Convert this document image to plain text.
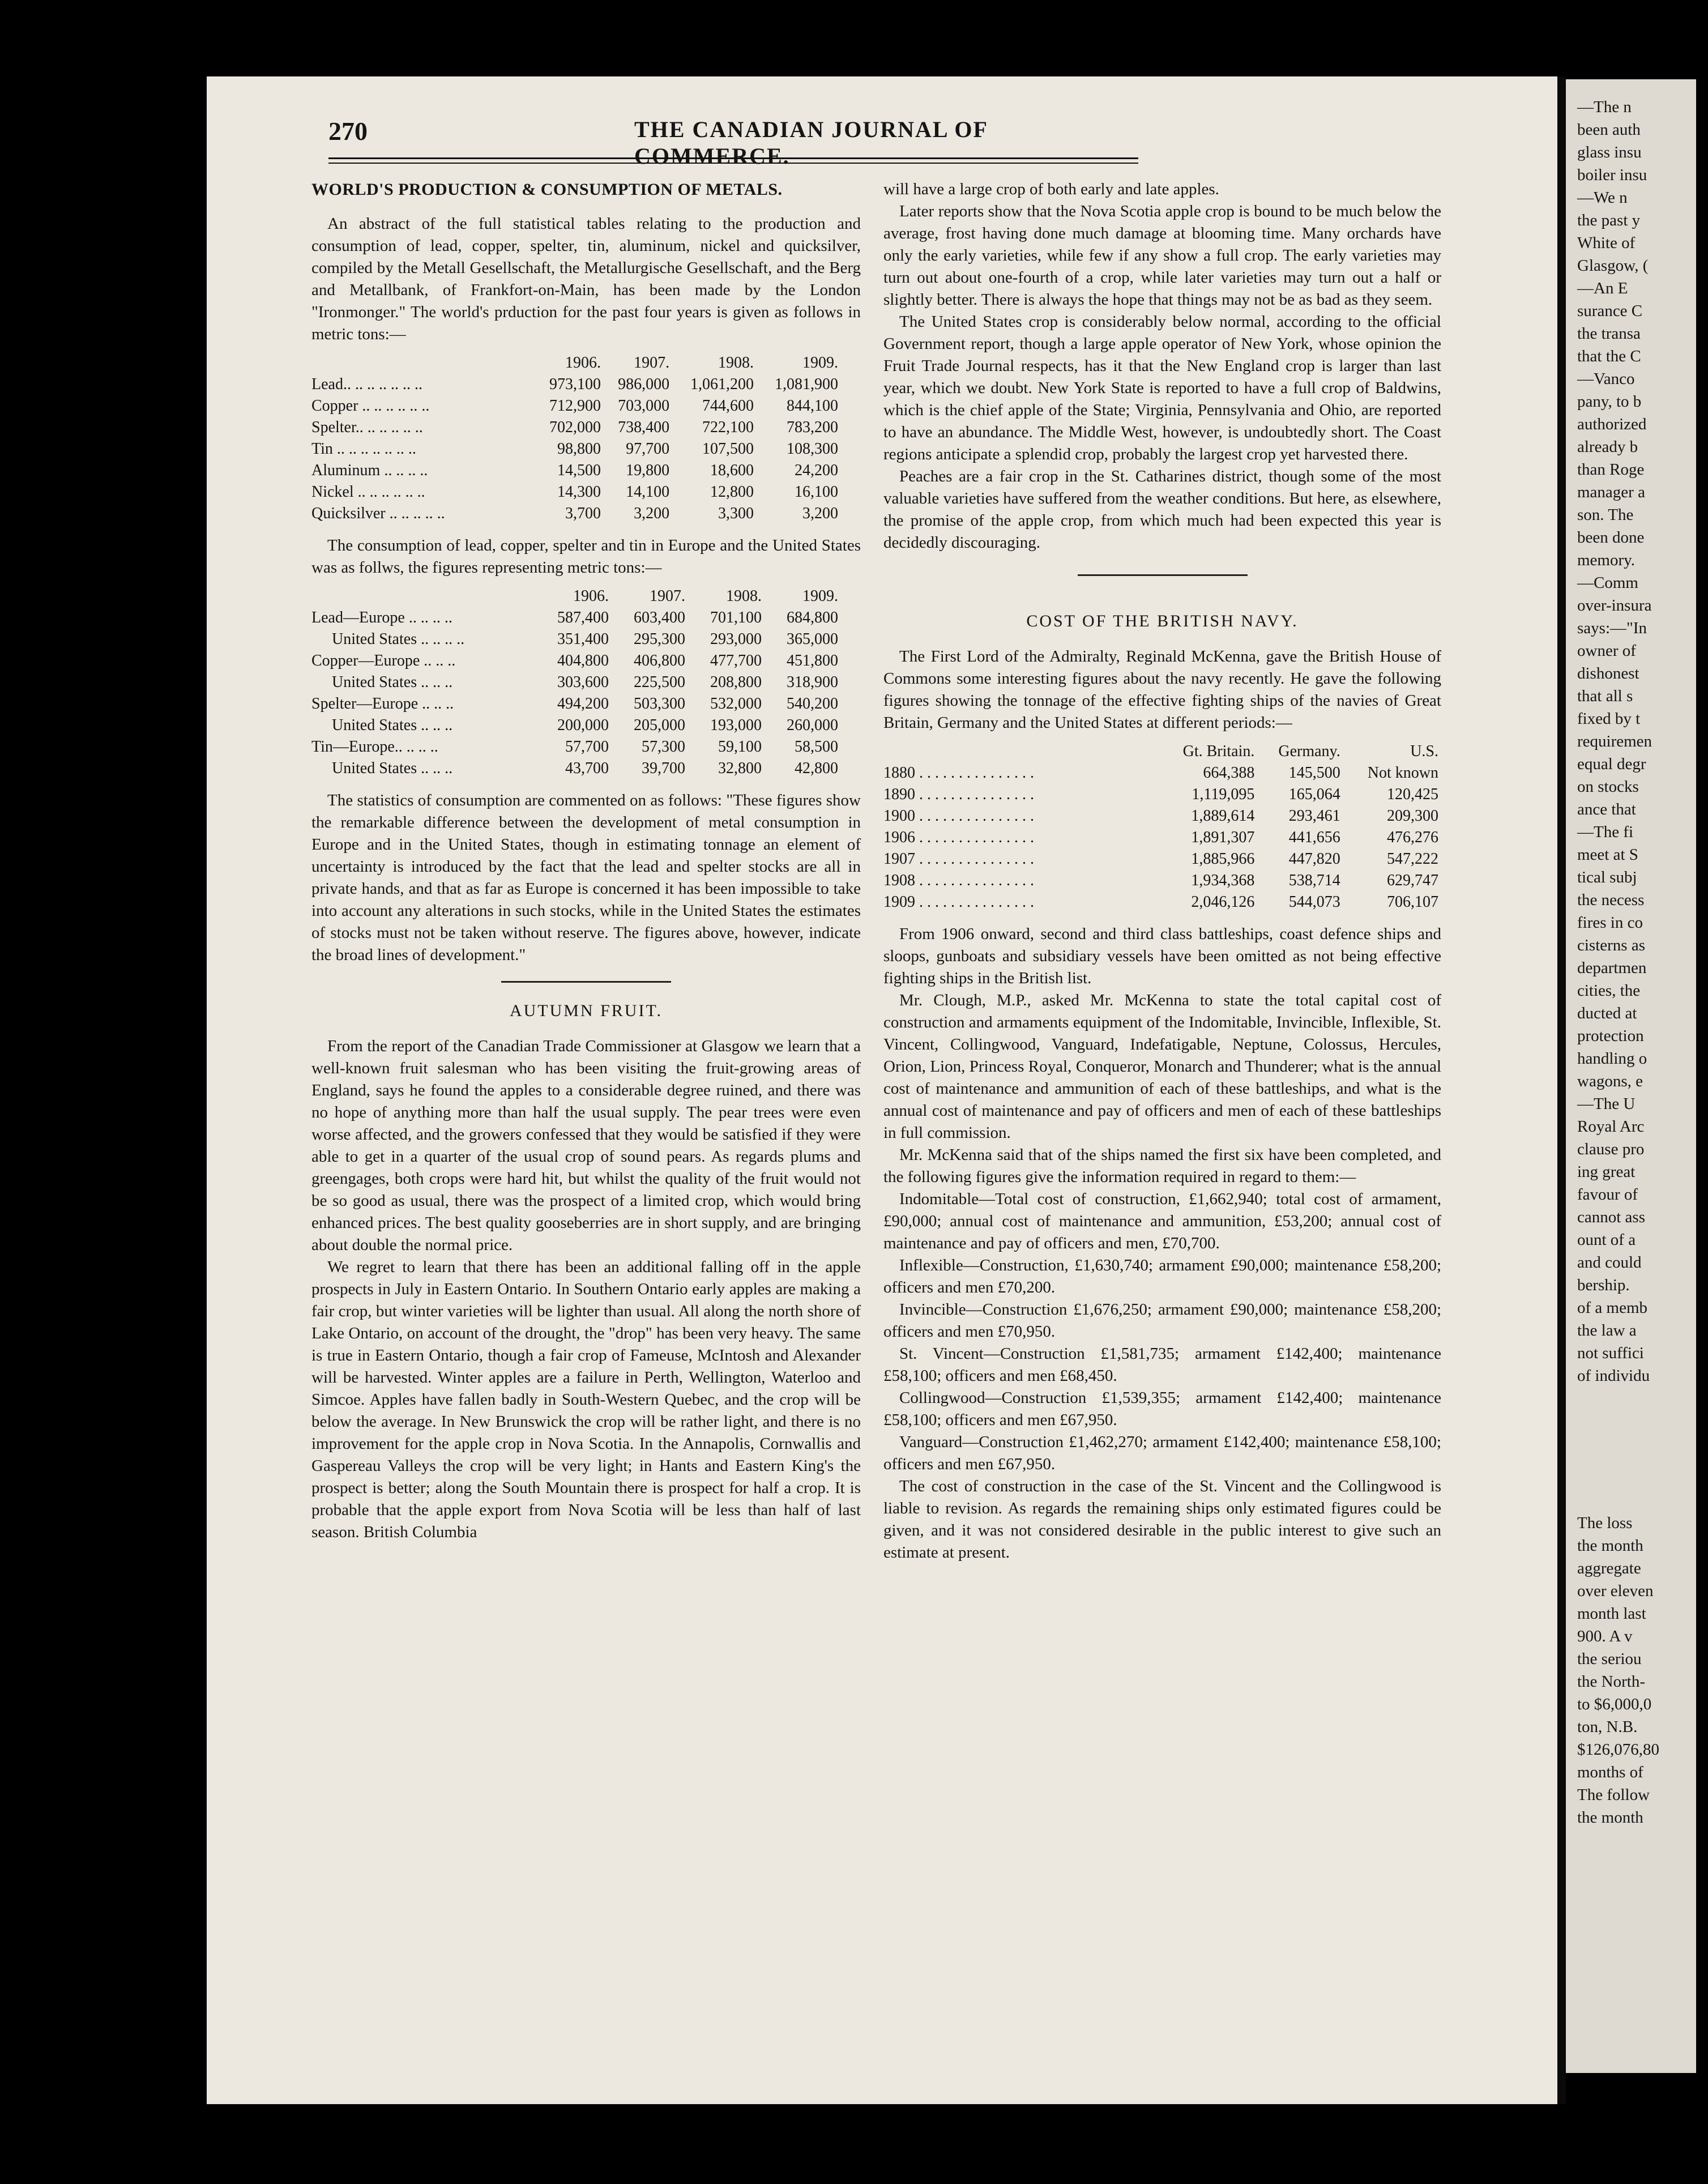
—The n
been auth
glass insu
boiler insu
—We n
the past y
White of
Glasgow, (
—An E
surance C
the transa
that the C
—Vanco
pany, to b
authorized
already b
than Roge
manager a
son. The
been done
memory.
—Comm
over-insura
says:—"In
owner of
dishonest
that all s
fixed by t
requiremen
equal degr
on stocks
ance that
—The fi
meet at S
tical subj
the necess
fires in co
cisterns as
departmen
cities, the
ducted at
protection
handling o
wagons, e
—The U
Royal Arc
clause pro
ing great
favour of
cannot ass
ount of a
and could
bership.
of a memb
the law a
not suffici
of individu
The loss
the month
aggregate
over eleven
month last
900. A v
the seriou
the North-
to $6,000,0
ton, N.B.
$126,076,80
months of
The follow
the month
270	THE CANADIAN JOURNAL OF COMMERCE.
WORLD'S PRODUCTION & CONSUMPTION OF METALS.

An abstract of the full statistical tables relating to the production and consumption of lead, copper, spelter, tin, aluminum, nickel and quicksilver, compiled by the Metall Gesellschaft, the Metallurgische Gesellschaft, and the Berg and Metallbank, of Frankfort-on-Main, has been made by the London "Ironmonger." The world's prduction for the past four years is given as follows in metric tons:—

	1906.	1907.	1908.	1909.
Lead.. .. .. .. .. .. ..	973,100	986,000	1,061,200	1,081,900
Copper .. .. .. .. .. ..	712,900	703,000	744,600	844,100
Spelter.. .. .. .. .. ..	702,000	738,400	722,100	783,200
Tin .. .. .. .. .. .. ..	98,800	97,700	107,500	108,300
Aluminum .. .. .. ..	14,500	19,800	18,600	24,200
Nickel .. .. .. .. .. ..	14,300	14,100	12,800	16,100
Quicksilver .. .. .. .. ..	3,700	3,200	3,300	3,200

The consumption of lead, copper, spelter and tin in Europe and the United States was as follws, the figures representing metric tons:—

	1906.	1907.	1908.	1909.
Lead—Europe .. .. .. ..	587,400	603,400	701,100	684,800
United States .. .. .. ..	351,400	295,300	293,000	365,000
Copper—Europe .. .. ..	404,800	406,800	477,700	451,800
United States .. .. ..	303,600	225,500	208,800	318,900
Spelter—Europe .. .. ..	494,200	503,300	532,000	540,200
United States .. .. ..	200,000	205,000	193,000	260,000
Tin—Europe.. .. .. ..	57,700	57,300	59,100	58,500
United States .. .. ..	43,700	39,700	32,800	42,800

The statistics of consumption are commented on as follows: "These figures show the remarkable difference between the development of metal consumption in Europe and in the United States, though in estimating tonnage an element of uncertainty is introduced by the fact that the lead and spelter stocks are all in private hands, and that as far as Europe is concerned it has been impossible to take into account any alterations in such stocks, while in the United States the estimates of stocks must not be taken without reserve. The figures above, however, indicate the broad lines of development."

AUTUMN FRUIT.

From the report of the Canadian Trade Commissioner at Glasgow we learn that a well-known fruit salesman who has been visiting the fruit-growing areas of England, says he found the apples to a considerable degree ruined, and there was no hope of anything more than half the usual supply. The pear trees were even worse affected, and the growers confessed that they would be satisfied if they were able to get in a quarter of the usual crop of sound pears. As regards plums and greengages, both crops were hard hit, but whilst the quality of the fruit would not be so good as usual, there was the prospect of a limited crop, which would bring enhanced prices. The best quality gooseberries are in short supply, and are bringing about double the normal price.

We regret to learn that there has been an additional falling off in the apple prospects in July in Eastern Ontario. In Southern Ontario early apples are making a fair crop, but winter varieties will be lighter than usual. All along the north shore of Lake Ontario, on account of the drought, the "drop" has been very heavy. The same is true in Eastern Ontario, though a fair crop of Fameuse, McIntosh and Alexander will be harvested. Winter apples are a failure in Perth, Wellington, Waterloo and Simcoe. Apples have fallen badly in South-Western Quebec, and the crop will be below the average. In New Brunswick the crop will be rather light, and there is no improvement for the apple crop in Nova Scotia. In the Annapolis, Cornwallis and Gaspereau Valleys the crop will be very light; in Hants and Eastern King's the prospect is better; along the South Mountain there is prospect for half a crop. It is probable that the apple export from Nova Scotia will be less than half of last season. British Columbia

will have a large crop of both early and late apples.

Later reports show that the Nova Scotia apple crop is bound to be much below the average, frost having done much damage at blooming time. Many orchards have only the early varieties, while few if any show a full crop. The early varieties may turn out about one-fourth of a crop, while later varieties may turn out a half or slightly better. There is always the hope that things may not be as bad as they seem.

The United States crop is considerably below normal, according to the official Government report, though a large apple operator of New York, whose opinion the Fruit Trade Journal respects, has it that the New England crop is larger than last year, which we doubt. New York State is reported to have a full crop of Baldwins, which is the chief apple of the State; Virginia, Pennsylvania and Ohio, are reported to have an abundance. The Middle West, however, is undoubtedly short. The Coast regions anticipate a splendid crop, probably the largest crop yet harvested there.

Peaches are a fair crop in the St. Catharines district, though some of the most valuable varieties have suffered from the weather conditions. But here, as elsewhere, the promise of the apple crop, from which much had been expected this year is decidedly discouraging.

COST OF THE BRITISH NAVY.

The First Lord of the Admiralty, Reginald McKenna, gave the British House of Commons some interesting figures about the navy recently. He gave the following figures showing the tonnage of the effective fighting ships of the navies of Great Britain, Germany and the United States at different periods:—

	Gt. Britain.	Germany.	U.S.
1880 . . . . . . . . . . . . . . .	664,388	145,500	Not known
1890 . . . . . . . . . . . . . . .	1,119,095	165,064	120,425
1900 . . . . . . . . . . . . . . .	1,889,614	293,461	209,300
1906 . . . . . . . . . . . . . . .	1,891,307	441,656	476,276
1907 . . . . . . . . . . . . . . .	1,885,966	447,820	547,222
1908 . . . . . . . . . . . . . . .	1,934,368	538,714	629,747
1909 . . . . . . . . . . . . . . .	2,046,126	544,073	706,107

From 1906 onward, second and third class battleships, coast defence ships and sloops, gunboats and subsidiary vessels have been omitted as not being effective fighting ships in the British list.

Mr. Clough, M.P., asked Mr. McKenna to state the total capital cost of construction and armaments equipment of the Indomitable, Invincible, Inflexible, St. Vincent, Collingwood, Vanguard, Indefatigable, Neptune, Colossus, Hercules, Orion, Lion, Princess Royal, Conqueror, Monarch and Thunderer; what is the annual cost of maintenance and ammunition of each of these battleships, and what is the annual cost of maintenance and pay of officers and men of each of these battleships in full commission.

Mr. McKenna said that of the ships named the first six have been completed, and the following figures give the information required in regard to them:—

Indomitable—Total cost of construction, £1,662,940; total cost of armament, £90,000; annual cost of maintenance and ammunition, £53,200; annual cost of maintenance and pay of officers and men, £70,700.

Inflexible—Construction, £1,630,740; armament £90,000; maintenance £58,200; officers and men £70,200.

Invincible—Construction £1,676,250; armament £90,000; maintenance £58,200; officers and men £70,950.

St. Vincent—Construction £1,581,735; armament £142,400; maintenance £58,100; officers and men £68,450.

Collingwood—Construction £1,539,355; armament £142,400; maintenance £58,100; officers and men £67,950.

Vanguard—Construction £1,462,270; armament £142,400; maintenance £58,100; officers and men £67,950.

The cost of construction in the case of the St. Vincent and the Collingwood is liable to revision. As regards the remaining ships only estimated figures could be given, and it was not considered desirable in the public interest to give such an estimate at present.
